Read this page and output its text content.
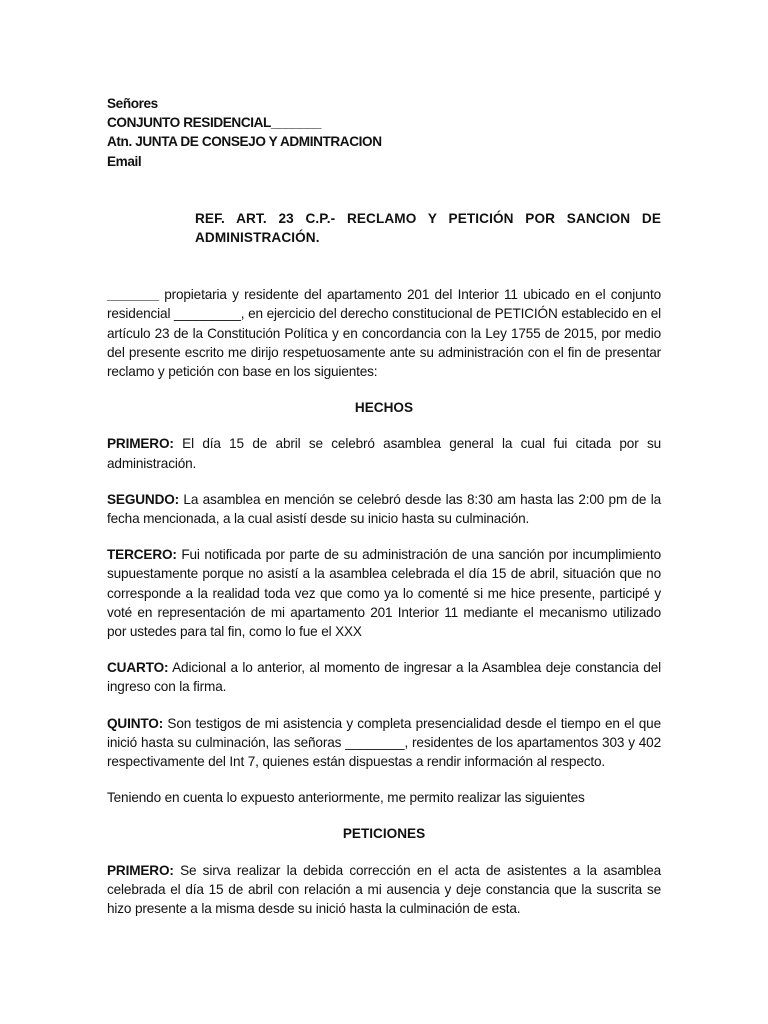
Señores

CONJUNTO RESIDENCIAL_______

Atn. JUNTA DE CONSEJO Y ADMINTRACION

Email

REF. ART. 23 C.P.- RECLAMO Y PETICIÓN POR SANCION DE ADMINISTRACIÓN.

_______ propietaria y residente del apartamento 201 del Interior 11 ubicado en el conjunto residencial _________, en ejercicio del derecho constitucional de PETICIÓN establecido en el artículo 23 de la Constitución Política y en concordancia con la Ley 1755 de 2015, por medio del presente escrito me dirijo respetuosamente ante su administración con el fin de presentar reclamo y petición con base en los siguientes:

HECHOS

PRIMERO: El día 15 de abril se celebró asamblea general la cual fui citada por su administración.

SEGUNDO: La asamblea en mención se celebró desde las 8:30 am hasta las 2:00 pm de la fecha mencionada, a la cual asistí desde su inicio hasta su culminación.

TERCERO: Fui notificada por parte de su administración de una sanción por incumplimiento supuestamente porque no asistí a la asamblea celebrada el día 15 de abril, situación que no corresponde a la realidad toda vez que como ya lo comenté si me hice presente, participé y voté en representación de mi apartamento 201 Interior 11 mediante el mecanismo utilizado por ustedes para tal fin, como lo fue el XXX

CUARTO: Adicional a lo anterior, al momento de ingresar a la Asamblea deje constancia del ingreso con la firma.

QUINTO: Son testigos de mi asistencia y completa presencialidad desde el tiempo en el que inició hasta su culminación, las señoras ________, residentes de los apartamentos 303 y 402 respectivamente del Int 7, quienes están dispuestas a rendir información al respecto.

Teniendo en cuenta lo expuesto anteriormente, me permito realizar las siguientes

PETICIONES

PRIMERO: Se sirva realizar la debida corrección en el acta de asistentes a la asamblea celebrada el día 15 de abril con relación a mi ausencia y deje constancia que la suscrita se hizo presente a la misma desde su inició hasta la culminación de esta.
